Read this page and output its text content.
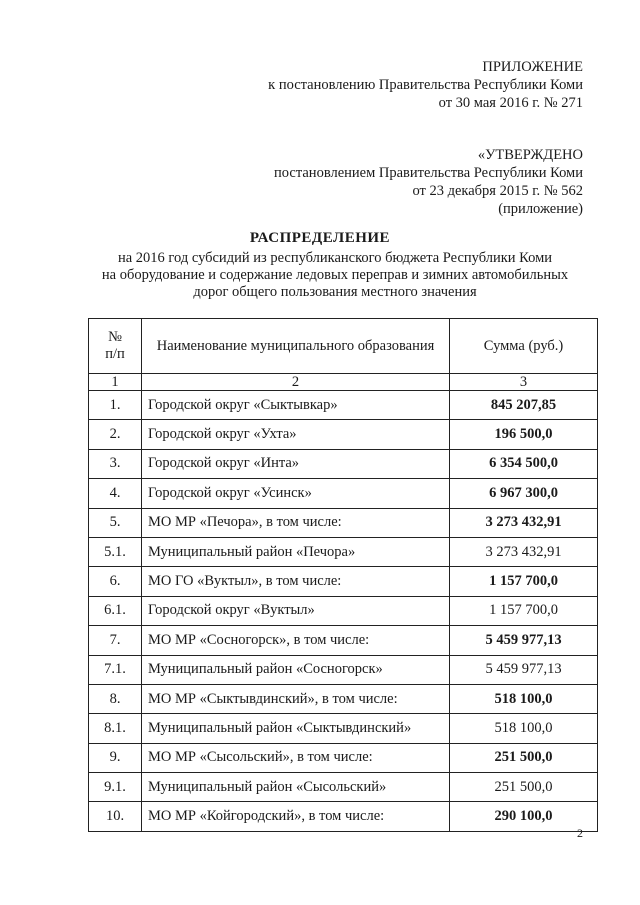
ПРИЛОЖЕНИЕ
к постановлению Правительства Республики Коми
от 30 мая 2016 г. № 271
«УТВЕРЖДЕНО
постановлением Правительства Республики Коми
от 23 декабря 2015 г. № 562
(приложение)
РАСПРЕДЕЛЕНИЕ
на 2016 год субсидий из республиканского бюджета Республики Коми
на оборудование и содержание ледовых переправ и зимних автомобильных
дорог общего пользования местного значения
№
п/п	Наименование муниципального образования	Сумма (руб.)
1	2	3
1.	Городской округ «Сыктывкар»	845 207,85
2.	Городской округ «Ухта»	196 500,0
3.	Городской округ «Инта»	6 354 500,0
4.	Городской округ «Усинск»	6 967 300,0
5.	МО МР «Печора», в том числе:	3 273 432,91
5.1.	Муниципальный район «Печора»	3 273 432,91
6.	МО ГО «Вуктыл», в том числе:	1 157 700,0
6.1.	Городской округ «Вуктыл»	1 157 700,0
7.	МО МР «Сосногорск», в том числе:	5 459 977,13
7.1.	Муниципальный район «Сосногорск»	5 459 977,13
8.	МО МР «Сыктывдинский», в том числе:	518 100,0
8.1.	Муниципальный район «Сыктывдинский»	518 100,0
9.	МО МР «Сысольский», в том числе:	251 500,0
9.1.	Муниципальный район «Сысольский»	251 500,0
10.	МО МР «Койгородский», в том числе:	290 100,0
2
